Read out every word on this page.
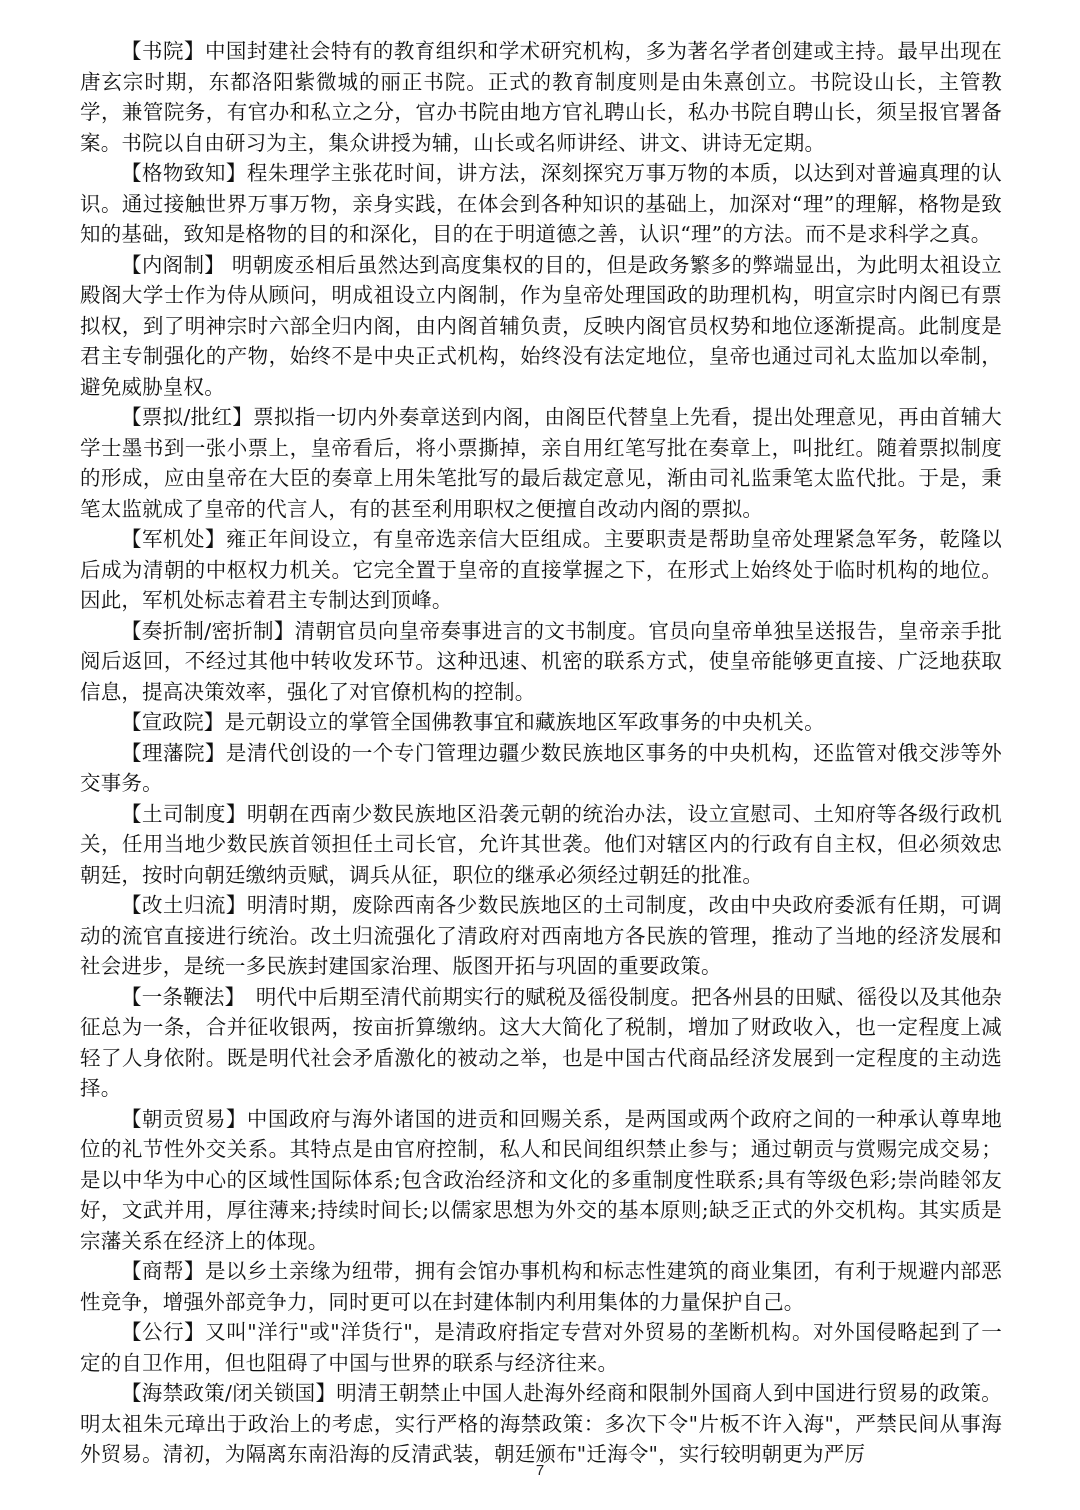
【书院】中国封建社会特有的教育组织和学术研究机构，多为著名学者创建或主持。最早出现在唐玄宗时期，东都洛阳紫微城的丽正书院。正式的教育制度则是由朱熹创立。书院设山长，主管教学，兼管院务，有官办和私立之分，官办书院由地方官礼聘山长，私办书院自聘山长，须呈报官署备案。书院以自由研习为主，集众讲授为辅，山长或名师讲经、讲文、讲诗无定期。

【格物致知】程朱理学主张花时间，讲方法，深刻探究万事万物的本质，以达到对普遍真理的认识。通过接触世界万事万物，亲身实践，在体会到各种知识的基础上，加深对“理”的理解，格物是致知的基础，致知是格物的目的和深化，目的在于明道德之善，认识“理”的方法。而不是求科学之真。

【内阁制】 明朝废丞相后虽然达到高度集权的目的，但是政务繁多的弊端显出，为此明太祖设立殿阁大学士作为侍从顾问，明成祖设立内阁制，作为皇帝处理国政的助理机构，明宣宗时内阁已有票拟权，到了明神宗时六部全归内阁，由内阁首辅负责，反映内阁官员权势和地位逐渐提高。此制度是君主专制强化的产物，始终不是中央正式机构，始终没有法定地位，皇帝也通过司礼太监加以牵制，避免威胁皇权。

【票拟/批红】票拟指一切内外奏章送到内阁，由阁臣代替皇上先看，提出处理意见，再由首辅大学士墨书到一张小票上，皇帝看后，将小票撕掉，亲自用红笔写批在奏章上，叫批红。随着票拟制度的形成，应由皇帝在大臣的奏章上用朱笔批写的最后裁定意见，渐由司礼监秉笔太监代批。于是，秉笔太监就成了皇帝的代言人，有的甚至利用职权之便擅自改动内阁的票拟。

【军机处】雍正年间设立，有皇帝选亲信大臣组成。主要职责是帮助皇帝处理紧急军务，乾隆以后成为清朝的中枢权力机关。它完全置于皇帝的直接掌握之下，在形式上始终处于临时机构的地位。因此，军机处标志着君主专制达到顶峰。

【奏折制/密折制】清朝官员向皇帝奏事进言的文书制度。官员向皇帝单独呈送报告，皇帝亲手批阅后返回，不经过其他中转收发环节。这种迅速、机密的联系方式，使皇帝能够更直接、广泛地获取信息，提高决策效率，强化了对官僚机构的控制。

【宣政院】是元朝设立的掌管全国佛教事宜和藏族地区军政事务的中央机关。

【理藩院】是清代创设的一个专门管理边疆少数民族地区事务的中央机构，还监管对俄交涉等外交事务。

【土司制度】明朝在西南少数民族地区沿袭元朝的统治办法，设立宣慰司、土知府等各级行政机关，任用当地少数民族首领担任土司长官，允许其世袭。他们对辖区内的行政有自主权，但必须效忠朝廷，按时向朝廷缴纳贡赋，调兵从征，职位的继承必须经过朝廷的批准。

【改土归流】明清时期，废除西南各少数民族地区的土司制度，改由中央政府委派有任期，可调动的流官直接进行统治。改土归流强化了清政府对西南地方各民族的管理，推动了当地的经济发展和社会进步，是统一多民族封建国家治理、版图开拓与巩固的重要政策。

【一条鞭法】　明代中后期至清代前期实行的赋税及徭役制度。把各州县的田赋、徭役以及其他杂征总为一条，合并征收银两，按亩折算缴纳。这大大简化了税制，增加了财政收入，也一定程度上减轻了人身依附。既是明代社会矛盾激化的被动之举，也是中国古代商品经济发展到一定程度的主动选择。

【朝贡贸易】中国政府与海外诸国的进贡和回赐关系，是两国或两个政府之间的一种承认尊卑地位的礼节性外交关系。其特点是由官府控制，私人和民间组织禁止参与；通过朝贡与赏赐完成交易；是以中华为中心的区域性国际体系;包含政治经济和文化的多重制度性联系;具有等级色彩;崇尚睦邻友好，文武并用，厚往薄来;持续时间长;以儒家思想为外交的基本原则;缺乏正式的外交机构。其实质是宗藩关系在经济上的体现。

【商帮】是以乡土亲缘为纽带，拥有会馆办事机构和标志性建筑的商业集团，有利于规避内部恶性竞争，增强外部竞争力，同时更可以在封建体制内利用集体的力量保护自己。

【公行】又叫"洋行"或"洋货行"，是清政府指定专营对外贸易的垄断机构。对外国侵略起到了一定的自卫作用，但也阻碍了中国与世界的联系与经济往来。

【海禁政策/闭关锁国】明清王朝禁止中国人赴海外经商和限制外国商人到中国进行贸易的政策。明太祖朱元璋出于政治上的考虑，实行严格的海禁政策：多次下令"片板不许入海"，严禁民间从事海外贸易。清初，为隔离东南沿海的反清武装，朝廷颁布"迁海令"，实行较明朝更为严厉

7
